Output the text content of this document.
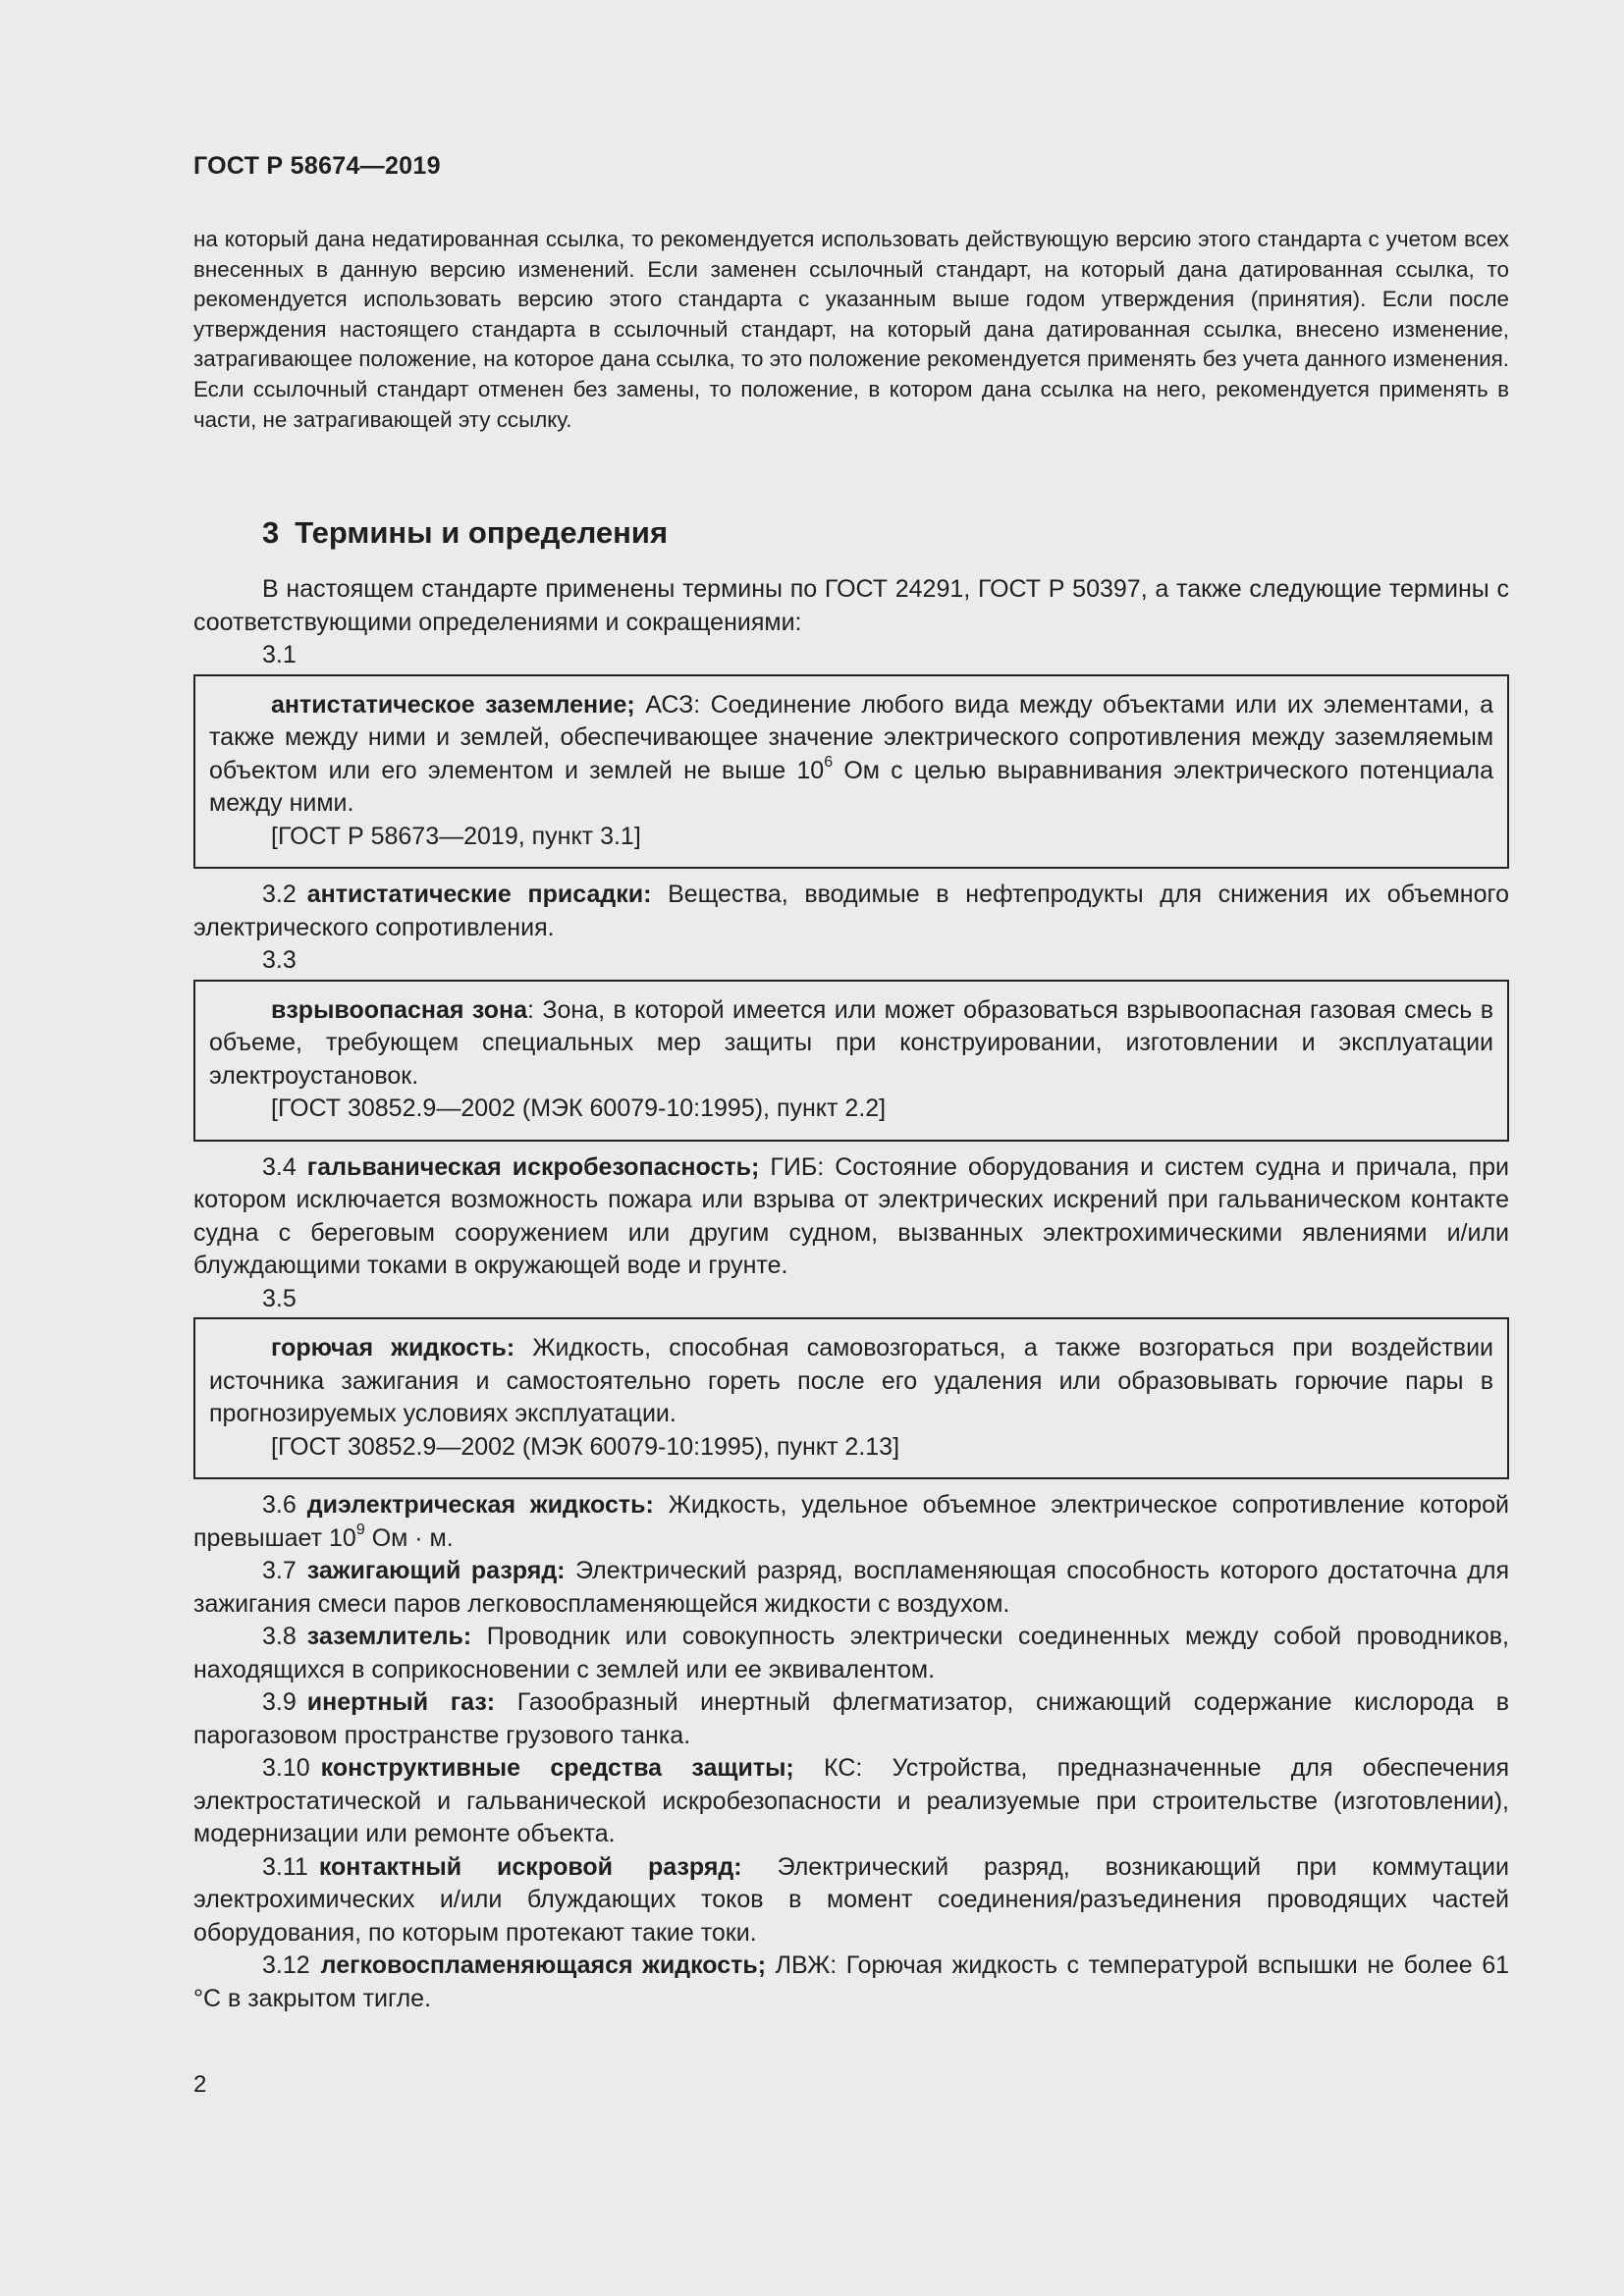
ГОСТ Р 58674—2019

на который дана недатированная ссылка, то рекомендуется использовать действующую версию этого стандарта с учетом всех внесенных в данную версию изменений. Если заменен ссылочный стандарт, на который дана датированная ссылка, то рекомендуется использовать версию этого стандарта с указанным выше годом утверждения (принятия). Если после утверждения настоящего стандарта в ссылочный стандарт, на который дана датированная ссылка, внесено изменение, затрагивающее положение, на которое дана ссылка, то это положение рекомендуется применять без учета данного изменения. Если ссылочный стандарт отменен без замены, то положение, в котором дана ссылка на него, рекомендуется применять в части, не затрагивающей эту ссылку.

3 Термины и определения

В настоящем стандарте применены термины по ГОСТ 24291, ГОСТ Р 50397, а также следующие термины с соответствующими определениями и сокращениями:

3.1

антистатическое заземление; АСЗ: Соединение любого вида между объектами или их элементами, а также между ними и землей, обеспечивающее значение электрического сопротивления между заземляемым объектом или его элементом и землей не выше $10^6$ Ом с целью выравнивания электрического потенциала между ними.

[ГОСТ Р 58673—2019, пункт 3.1]

3.2 антистатические присадки: Вещества, вводимые в нефтепродукты для снижения их объемного электрического сопротивления.

3.3

взрывоопасная зона: Зона, в которой имеется или может образоваться взрывоопасная газовая смесь в объеме, требующем специальных мер защиты при конструировании, изготовлении и эксплуатации электроустановок.

[ГОСТ 30852.9—2002 (МЭК 60079-10:1995), пункт 2.2]

3.4 гальваническая искробезопасность; ГИБ: Состояние оборудования и систем судна и причала, при котором исключается возможность пожара или взрыва от электрических искрений при гальваническом контакте судна с береговым сооружением или другим судном, вызванных электрохимическими явлениями и/или блуждающими токами в окружающей воде и грунте.

3.5

горючая жидкость: Жидкость, способная самовозгораться, а также возгораться при воздействии источника зажигания и самостоятельно гореть после его удаления или образовывать горючие пары в прогнозируемых условиях эксплуатации.

[ГОСТ 30852.9—2002 (МЭК 60079-10:1995), пункт 2.13]

3.6 диэлектрическая жидкость: Жидкость, удельное объемное электрическое сопротивление которой превышает $10^9$ Ом · м.

3.7 зажигающий разряд: Электрический разряд, воспламеняющая способность которого достаточна для зажигания смеси паров легковоспламеняющейся жидкости с воздухом.

3.8 заземлитель: Проводник или совокупность электрически соединенных между собой проводников, находящихся в соприкосновении с землей или ее эквивалентом.

3.9 инертный газ: Газообразный инертный флегматизатор, снижающий содержание кислорода в парогазовом пространстве грузового танка.

3.10 конструктивные средства защиты; КС: Устройства, предназначенные для обеспечения электростатической и гальванической искробезопасности и реализуемые при строительстве (изготовлении), модернизации или ремонте объекта.

3.11 контактный искровой разряд: Электрический разряд, возникающий при коммутации электрохимических и/или блуждающих токов в момент соединения/разъединения проводящих частей оборудования, по которым протекают такие токи.

3.12 легковоспламеняющаяся жидкость; ЛВЖ: Горючая жидкость с температурой вспышки не более 61 °С в закрытом тигле.

2
